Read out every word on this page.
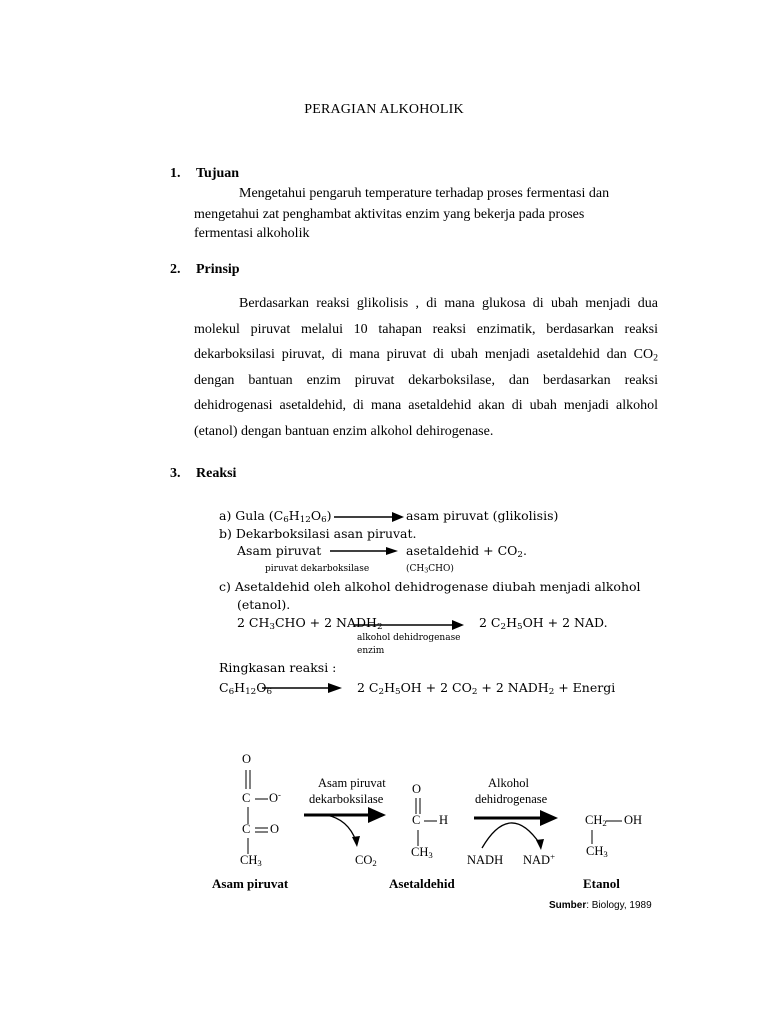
PERAGIAN ALKOHOLIK
1. Tujuan
Mengetahui pengaruh temperature terhadap proses fermentasi dan
mengetahui zat penghambat aktivitas enzim yang bekerja pada proses
fermentasi alkoholik
2. Prinsip
Berdasarkan reaksi glikolisis , di mana glukosa di ubah menjadi dua molekul piruvat melalui 10 tahapan reaksi enzimatik, berdasarkan reaksi dekarboksilasi piruvat, di mana piruvat di ubah menjadi asetaldehid dan $CO_2$ dengan bantuan enzim piruvat dekarboksilase, dan berdasarkan reaksi dehidrogenasi asetaldehid, di mana asetaldehid akan di ubah menjadi alkohol (etanol) dengan bantuan enzim alkohol dehirogenase.
3. Reaksi
a) Gula $(C_6H_{12}O_6)$	asam piruvat (glikolisis)
b) Dekarboksilasi asan piruvat.
Asam piruvat	asetaldehid + $CO_2$.
piruvat dekarboksilase	$(CH_3CHO)$
c) Asetaldehid oleh alkohol dehidrogenase diubah menjadi alkohol
(etanol).
2 $CH_3CHO + 2$ $NADH_2$	2 $C_2H_5OH + 2$ NAD.
alkohol dehidrogenase
enzim
Ringkasan reaksi :
$C_6H_{12}O_6$	2 $C_2H_5OH + 2$ $CO_2 + 2$ $NADH_2$ + Energi
O
C O-
C O
$CH_3$
Asam piruvat
Asam piruvat
dekarboksilase
$CO_2$
O
C H
$CH_3$
Asetaldehid
Alkohol
dehidrogenase
NADH NAD+
$CH_2$ OH
$CH_3$
Etanol
Sumber: Biology, 1989
